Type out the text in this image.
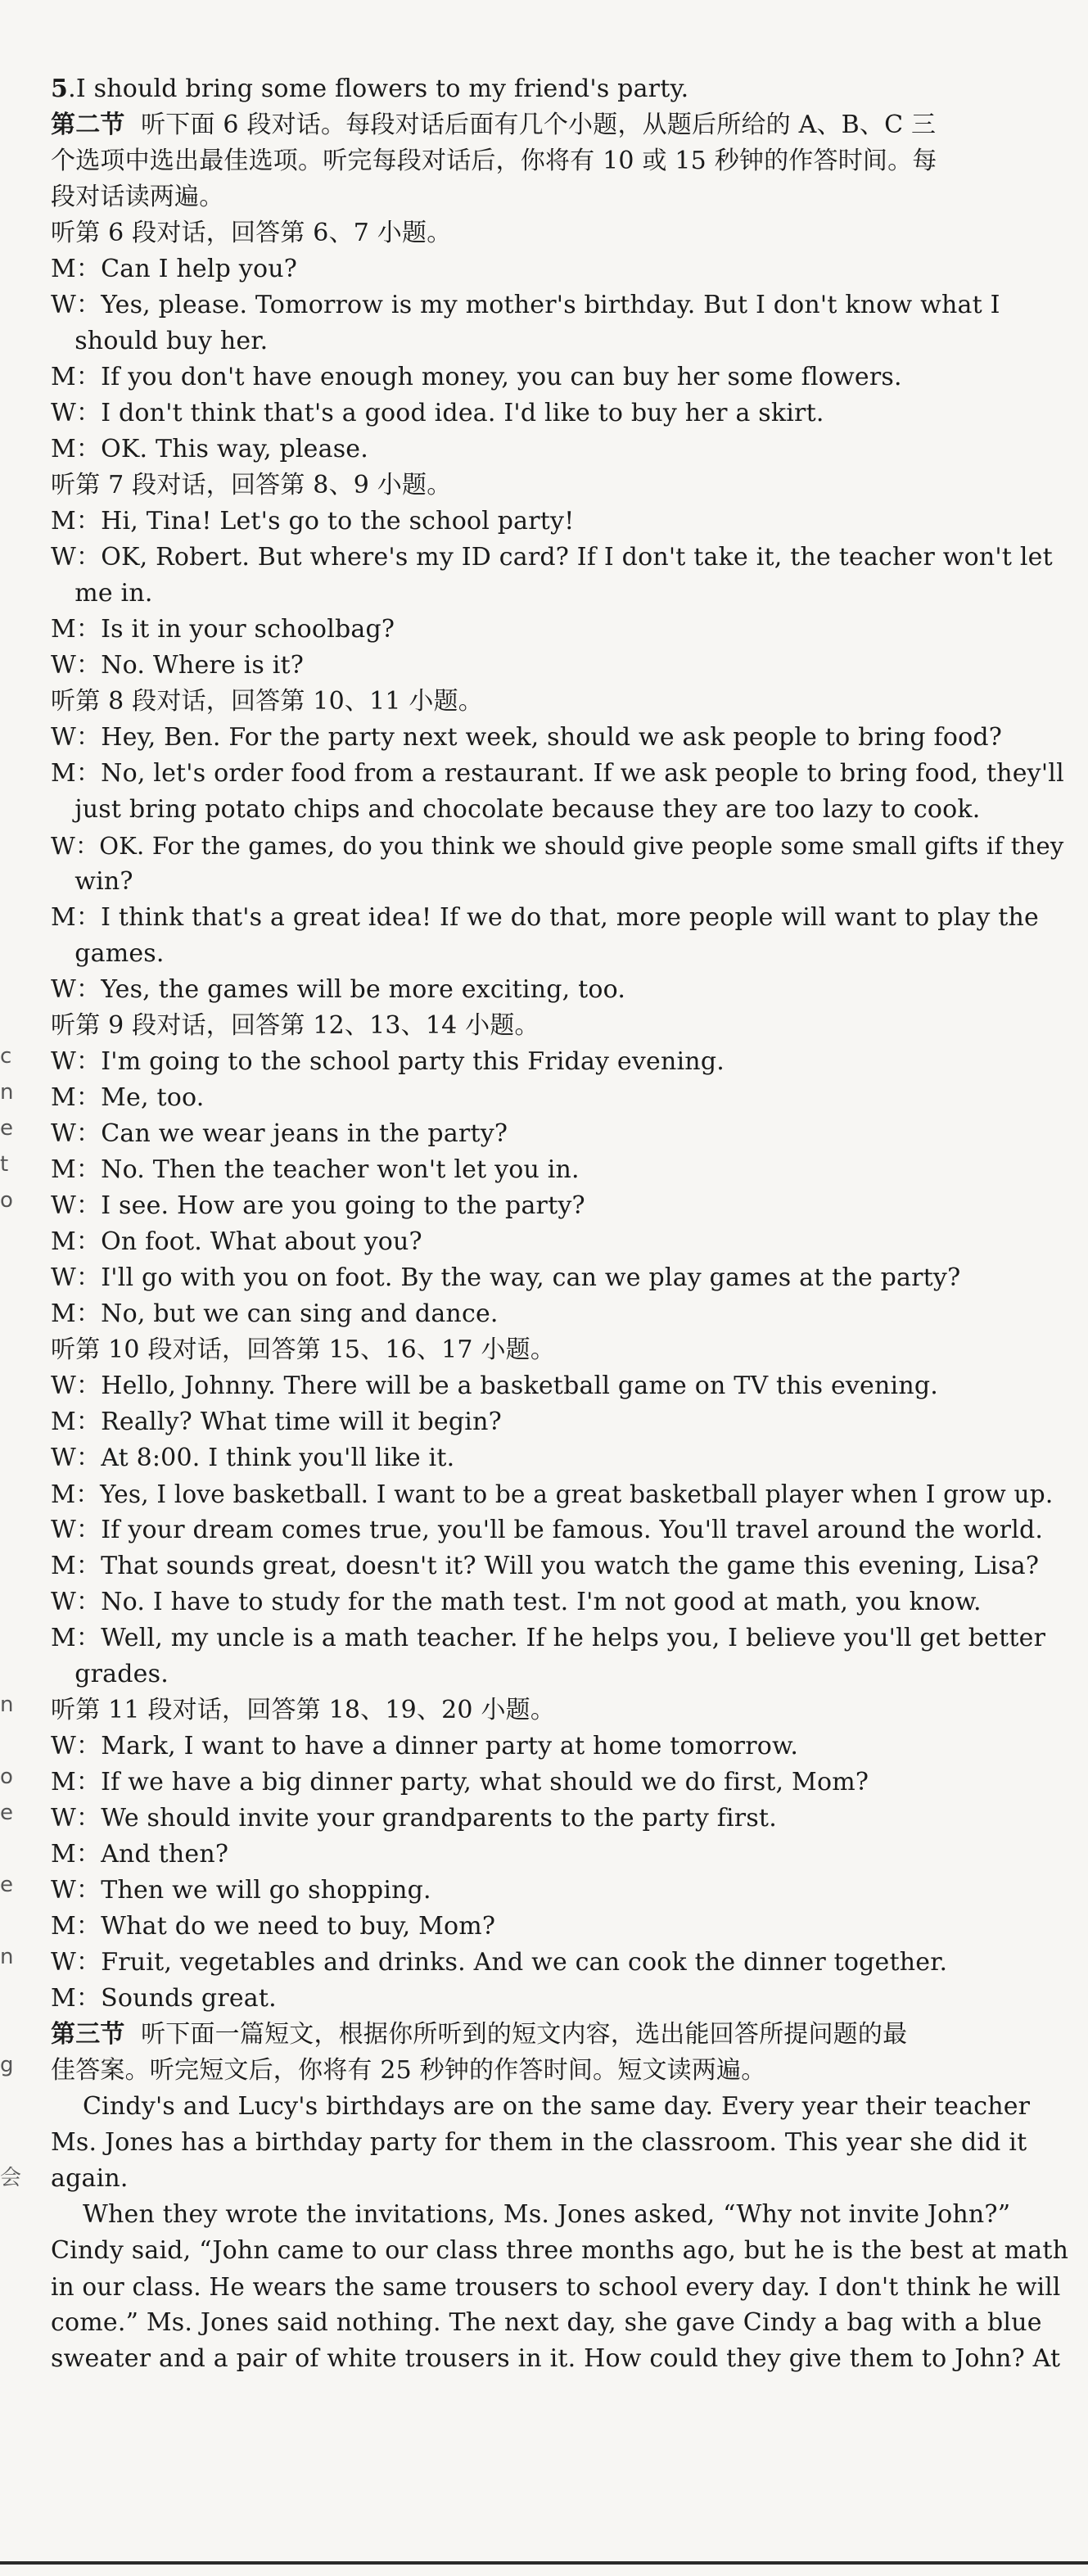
5.I should bring some flowers to my friend's party.
第二节  听下面 6 段对话。每段对话后面有几个小题，从题后所给的 A、B、C 三
个选项中选出最佳选项。听完每段对话后，你将有 10 或 15 秒钟的作答时间。每
段对话读两遍。
听第 6 段对话，回答第 6、7 小题。
M：Can I help you?
W：Yes, please. Tomorrow is my mother's birthday. But I don't know what I
should buy her.
M：If you don't have enough money, you can buy her some flowers.
W：I don't think that's a good idea. I'd like to buy her a skirt.
M：OK. This way, please.
听第 7 段对话，回答第 8、9 小题。
M：Hi, Tina! Let's go to the school party!
W：OK, Robert. But where's my ID card? If I don't take it, the teacher won't let
me in.
M：Is it in your schoolbag?
W：No. Where is it?
听第 8 段对话，回答第 10、11 小题。
W：Hey, Ben. For the party next week, should we ask people to bring food?
M：No, let's order food from a restaurant. If we ask people to bring food, they'll
just bring potato chips and chocolate because they are too lazy to cook.
W：OK. For the games, do you think we should give people some small gifts if they
win?
M：I think that's a great idea! If we do that, more people will want to play the
games.
W：Yes, the games will be more exciting, too.
听第 9 段对话，回答第 12、13、14 小题。
W：I'm going to the school party this Friday evening.
M：Me, too.
W：Can we wear jeans in the party?
M：No. Then the teacher won't let you in.
W：I see. How are you going to the party?
M：On foot. What about you?
W：I'll go with you on foot. By the way, can we play games at the party?
M：No, but we can sing and dance.
听第 10 段对话，回答第 15、16、17 小题。
W：Hello, Johnny. There will be a basketball game on TV this evening.
M：Really? What time will it begin?
W：At 8:00. I think you'll like it.
M：Yes, I love basketball. I want to be a great basketball player when I grow up.
W：If your dream comes true, you'll be famous. You'll travel around the world.
M：That sounds great, doesn't it? Will you watch the game this evening, Lisa?
W：No. I have to study for the math test. I'm not good at math, you know.
M：Well, my uncle is a math teacher. If he helps you, I believe you'll get better
grades.
听第 11 段对话，回答第 18、19、20 小题。
W：Mark, I want to have a dinner party at home tomorrow.
M：If we have a big dinner party, what should we do first, Mom?
W：We should invite your grandparents to the party first.
M：And then?
W：Then we will go shopping.
M：What do we need to buy, Mom?
W：Fruit, vegetables and drinks. And we can cook the dinner together.
M：Sounds great.
第三节  听下面一篇短文，根据你所听到的短文内容，选出能回答所提问题的最
佳答案。听完短文后，你将有 25 秒钟的作答时间。短文读两遍。
Cindy's and Lucy's birthdays are on the same day. Every year their teacher
Ms. Jones has a birthday party for them in the classroom. This year she did it
again.
When they wrote the invitations, Ms. Jones asked, “Why not invite John?”
Cindy said, “John came to our class three months ago, but he is the best at math
in our class. He wears the same trousers to school every day. I don't think he will
come.” Ms. Jones said nothing. The next day, she gave Cindy a bag with a blue
sweater and a pair of white trousers in it. How could they give them to John? At
c
n
e
t
o
n
o
e
e
n
g
会
